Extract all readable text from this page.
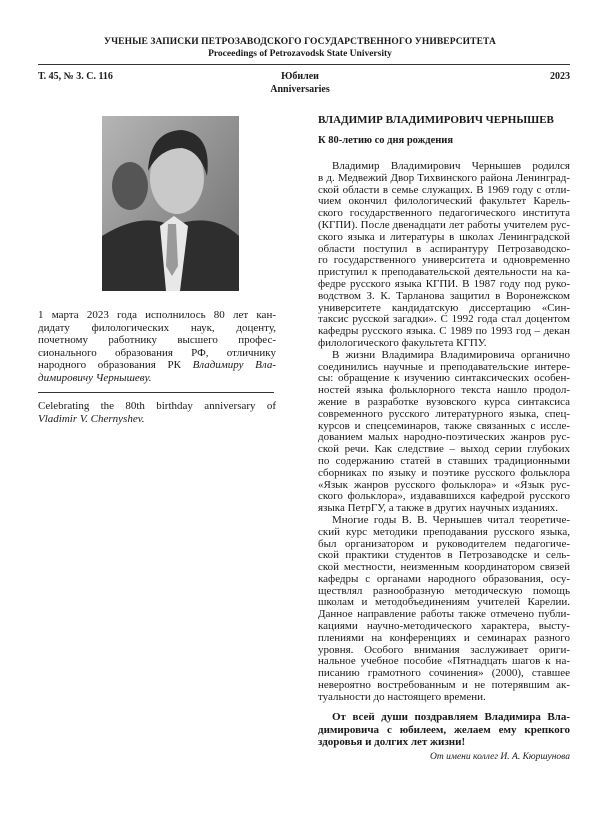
УЧЕНЫЕ ЗАПИСКИ ПЕТРОЗАВОДСКОГО ГОСУДАРСТВЕННОГО УНИВЕРСИТЕТА
Proceedings of Petrozavodsk State University
Т. 45, № 3. С. 116	Юбилеи
Anniversaries
2023
1 марта 2023 года исполнилось 80 лет кан-
дидату филологических наук, доценту,
почетному работнику высшего профес-
сионального образования РФ, отличнику
народного образования РК Владимиру Вла-
димировичу Чернышеву.
Celebrating the 80th birthday anniversary of
Vladimir V. Chernyshev.
ВЛАДИМИР ВЛАДИМИРОВИЧ ЧЕРНЫШЕВ
К 80-летию со дня рождения
Владимир Владимирович Чернышев родился
в д. Медвежий Двор Тихвинского района Ленинград-
ской области в семье служащих. В 1969 году с отли-
чием окончил филологический факультет Карель-
ского государственного педагогического института
(КГПИ). После двенадцати лет работы учителем рус-
ского языка и литературы в школах Ленинградской
области поступил в аспирантуру Петрозаводско-
го государственного университета и одновременно
приступил к преподавательской деятельности на ка-
федре русского языка КГПИ. В 1987 году под руко-
водством З. К. Тарланова защитил в Воронежском
университете кандидатскую диссертацию «Син-
таксис русской загадки». С 1992 года стал доцентом
кафедры русского языка. С 1989 по 1993 год – декан
филологического факультета КГПУ.
В жизни Владимира Владимировича органично
соединились научные и преподавательские интере-
сы: обращение к изучению синтаксических особен-
ностей языка фольклорного текста нашло продол-
жение в разработке вузовского курса синтаксиса
современного русского литературного языка, спец-
курсов и спецсеминаров, также связанных с иссле-
дованием малых народно-поэтических жанров рус-
ской речи. Как следствие – выход серии глубоких
по содержанию статей в ставших традиционными
сборниках по языку и поэтике русского фольклора
«Язык жанров русского фольклора» и «Язык рус-
ского фольклора», издававшихся кафедрой русского
языка ПетрГУ, а также в других научных изданиях.
Многие годы В. В. Чернышев читал теоретиче-
ский курс методики преподавания русского языка,
был организатором и руководителем педагогиче-
ской практики студентов в Петрозаводске и сель-
ской местности, неизменным координатором связей
кафедры с органами народного образования, осу-
ществлял разнообразную методическую помощь
школам и методобъединениям учителей Карелии.
Данное направление работы также отмечено публи-
кациями научно-методического характера, высту-
плениями на конференциях и семинарах разного
уровня. Особого внимания заслуживает ориги-
нальное учебное пособие «Пятнадцать шагов к на-
писанию грамотного сочинения» (2000), ставшее
невероятно востребованным и не потерявшим ак-
туальности до настоящего времени.
От всей души поздравляем Владимира Вла-
димировича с юбилеем, желаем ему крепкого
здоровья и долгих лет жизни!
От имени коллег И. А. Кюршунова
